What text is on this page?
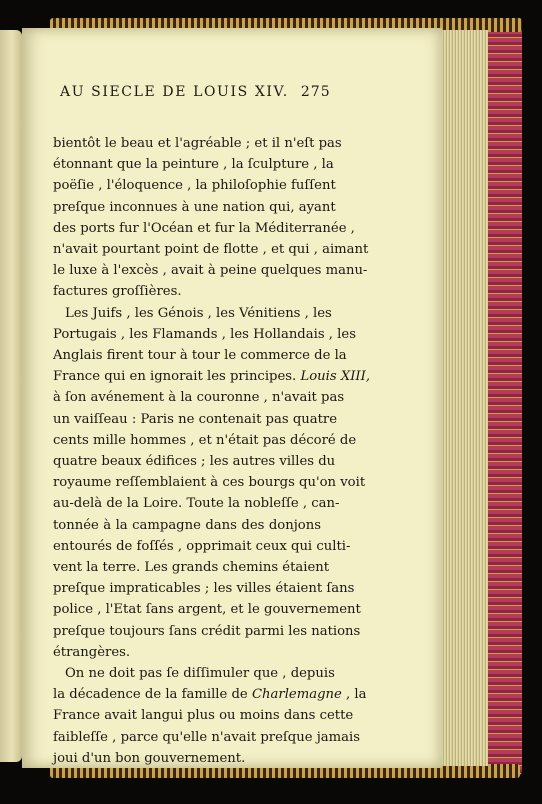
AU SIECLE DE LOUIS XIV. 275
bientôt le beau et l'agréable ; et il n'eſt pas
étonnant que la peinture , la ſculpture , la
poëſie , l'éloquence , la philoſophie fuſſent
preſque inconnues à une nation qui, ayant
des ports fur l'Océan et fur la Méditerranée ,
n'avait pourtant point de flotte , et qui , aimant
le luxe à l'excès , avait à peine quelques manu-
factures groſſières.
Les Juifs , les Génois , les Vénitiens , les
Portugais , les Flamands , les Hollandais , les
Anglais firent tour à tour le commerce de la
France qui en ignorait les principes. Louis XIII,
à ſon avénement à la couronne , n'avait pas
un vaiſſeau : Paris ne contenait pas quatre
cents mille hommes , et n'était pas décoré de
quatre beaux édifices ; les autres villes du
royaume reſſemblaient à ces bourgs qu'on voit
au-delà de la Loire. Toute la nobleſſe , can-
tonnée à la campagne dans des donjons
entourés de foſſés , opprimait ceux qui culti-
vent la terre. Les grands chemins étaient
preſque impraticables ; les villes étaient ſans
police , l'Etat ſans argent, et le gouvernement
preſque toujours ſans crédit parmi les nations
étrangères.
On ne doit pas ſe diſſimuler que , depuis
la décadence de la famille de Charlemagne , la
France avait langui plus ou moins dans cette
faibleſſe , parce qu'elle n'avait preſque jamais
joui d'un bon gouvernement.
